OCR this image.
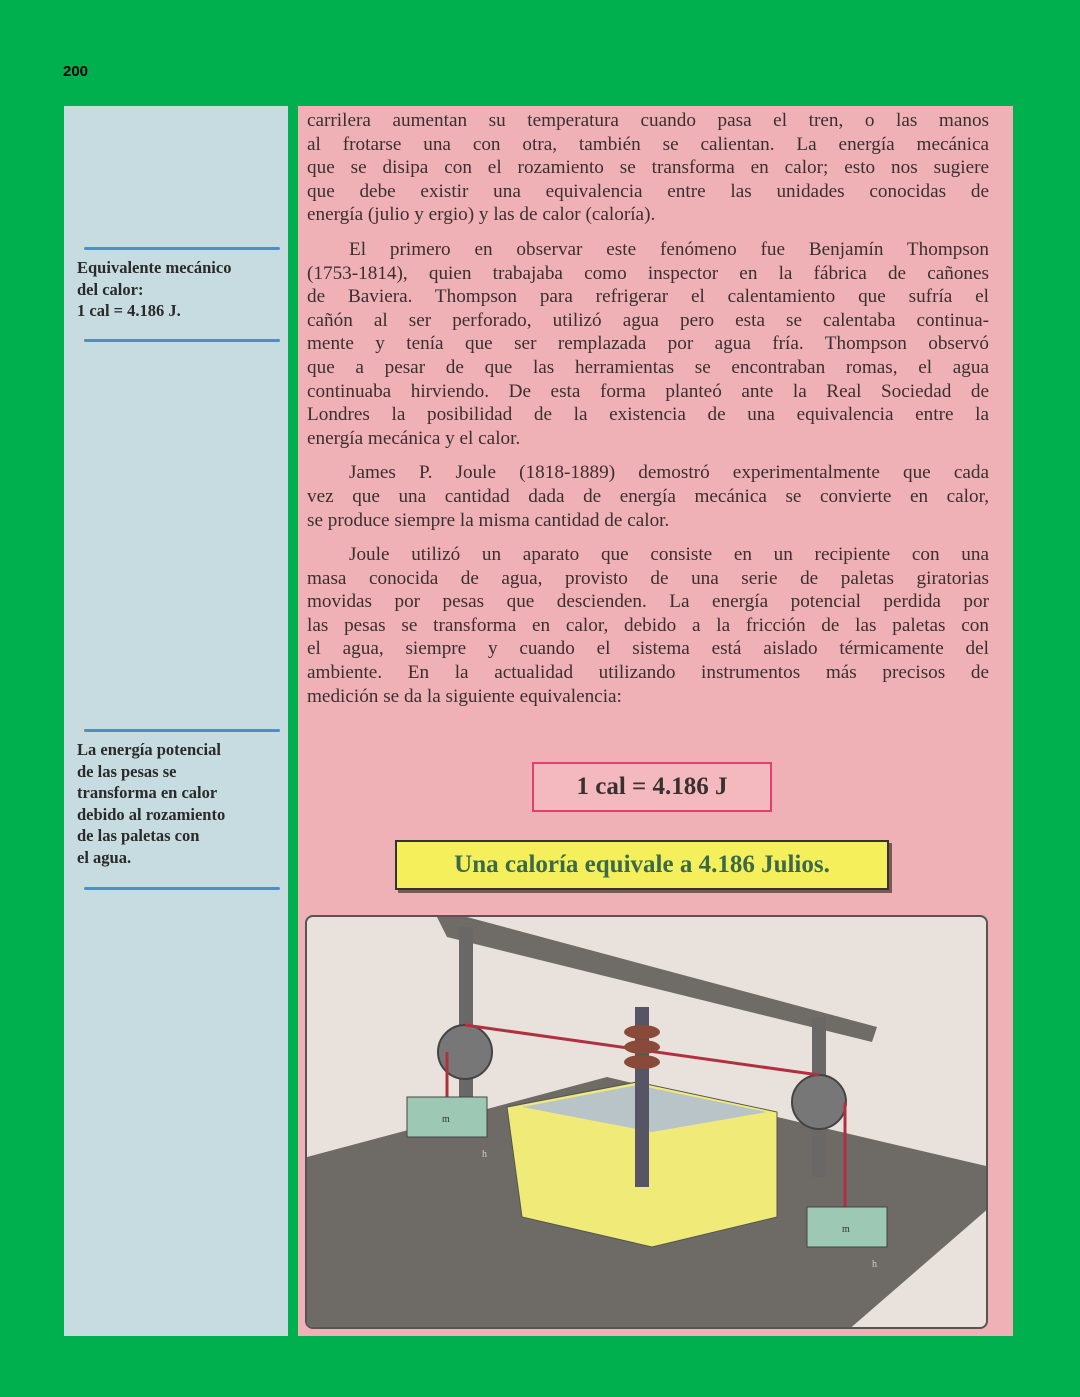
200
Equivalente mecánico
del calor:
1 cal = 4.186 J.
La energía potencial
de las pesas se
transforma en calor
debido al rozamiento
de las paletas con
el agua.
carrilera aumentan su temperatura cuando pasa el tren, o las manos
al frotarse una con otra, también se calientan. La energía mecánica
que se disipa con el rozamiento se transforma en calor; esto nos sugiere
que debe existir una equivalencia entre las unidades conocidas de
energía (julio y ergio) y las de calor (caloría).
El primero en observar este fenómeno fue Benjamín Thompson
(1753-1814), quien trabajaba como inspector en la fábrica de cañones
de Baviera. Thompson para refrigerar el calentamiento que sufría el
cañón al ser perforado, utilizó agua pero esta se calentaba continua-
mente y tenía que ser remplazada por agua fría. Thompson observó
que a pesar de que las herramientas se encontraban romas, el agua
continuaba hirviendo. De esta forma planteó ante la Real Sociedad de
Londres la posibilidad de la existencia de una equivalencia entre la
energía mecánica y el calor.
James P. Joule (1818-1889) demostró experimentalmente que cada
vez que una cantidad dada de energía mecánica se convierte en calor,
se produce siempre la misma cantidad de calor.
Joule utilizó un aparato que consiste en un recipiente con una
masa conocida de agua, provisto de una serie de paletas giratorias
movidas por pesas que descienden. La energía potencial perdida por
las pesas se transforma en calor, debido a la fricción de las paletas con
el agua, siempre y cuando el sistema está aislado térmicamente del
ambiente. En la actualidad utilizando instrumentos más precisos de
medición se da la siguiente equivalencia:
1 cal = 4.186 J
Una caloría equivale a 4.186 Julios.
m
m
h
h
